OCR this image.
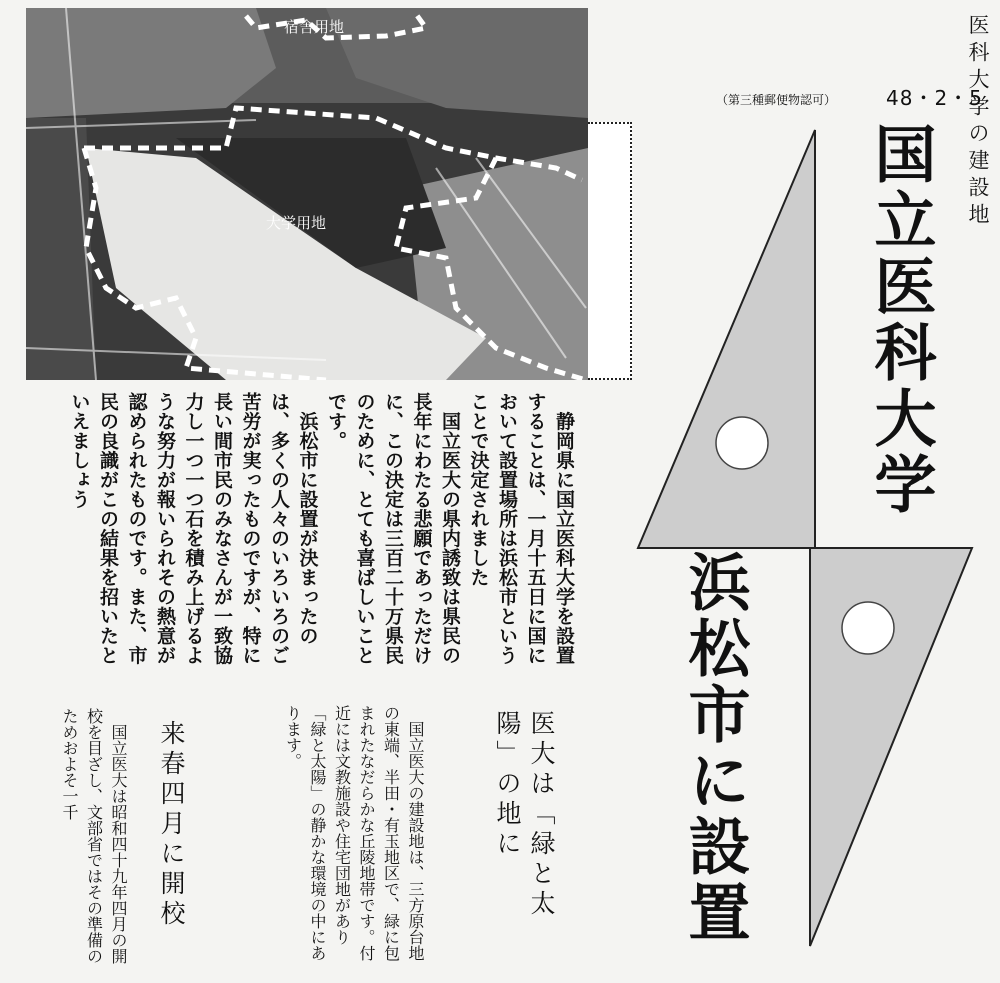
宿舎用地
大学用地	医科大学の建設地
（第三種郵便物認可） 48・2・5
国立医科大学
浜松市に設置
　静岡県に国立医科大学を設置することは、一月十五日に国において設置場所は浜松市ということで決定されました
　国立医大の県内誘致は県民の長年にわたる悲願であっただけに、この決定は三百二十万県民のために、とても喜ばしいことです。
　浜松市に設置が決まったのは、多くの人々のいろいろのご苦労が実ったものですが、特に長い間市民のみなさんが一致協力し一つ一つ石を積み上げるような努力が報いられその熱意が認められたものです。また、市民の良識がこの結果を招いたといえましょう
医大は「緑と太陽」の地に
　国立医大の建設地は、三方原台地の東端、半田・有玉地区で、緑に包まれたなだらかな丘陵地帯です。付近には文教施設や住宅団地があり「緑と太陽」の静かな環境の中にあります。
来春四月に開校
　国立医大は昭和四十九年四月の開校を目ざし、文部省ではその準備のためおよそ一千
